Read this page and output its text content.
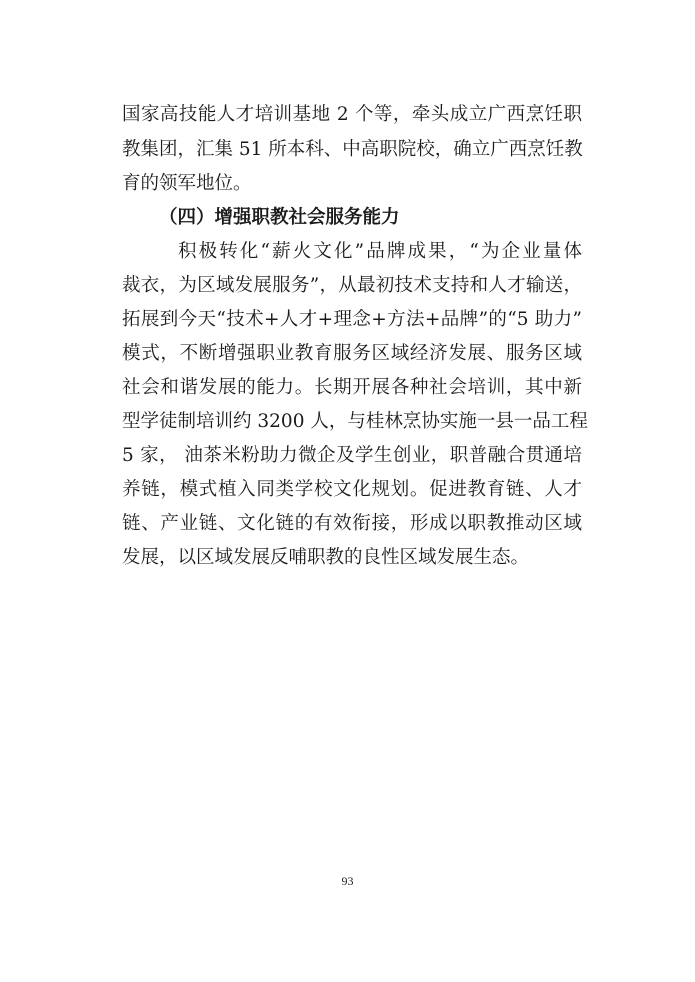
国家高技能人才培训基地 2 个等，牵头成立广西烹饪职
教集团，汇集 51 所本科、中高职院校，确立广西烹饪教
育的领军地位。
（四）增强职教社会服务能力
积极转化“薪火文化”品牌成果，“为企业量体
裁衣，为区域发展服务”，从最初技术支持和人才输送，
拓展到今天“技术+人才+理念+方法+品牌”的“5 助力”
模式，不断增强职业教育服务区域经济发展、服务区域
社会和谐发展的能力。长期开展各种社会培训，其中新
型学徒制培训约 3200 人，与桂林烹协实施一县一品工程
5 家， 油茶米粉助力微企及学生创业，职普融合贯通培
养链，模式植入同类学校文化规划。促进教育链、人才
链、产业链、文化链的有效衔接，形成以职教推动区域
发展，以区域发展反哺职教的良性区域发展生态。
93
